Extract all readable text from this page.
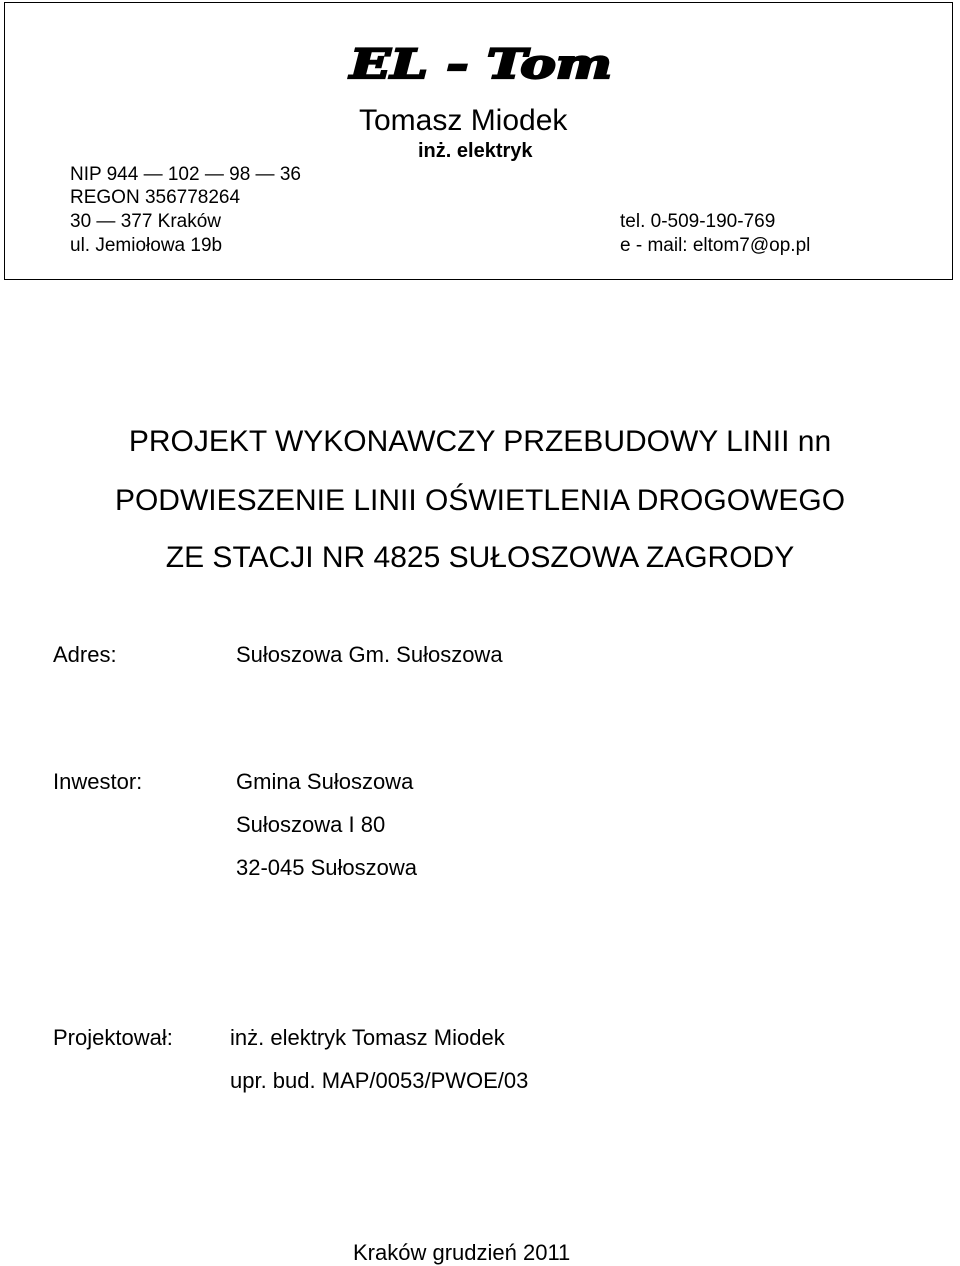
EL - Tom
Tomasz Miodek
inż. elektryk
NIP 944 — 102 — 98 — 36
REGON 356778264
30 — 377 Kraków
ul. Jemiołowa 19b
tel. 0-509-190-769
e - mail: eltom7@op.pl
PROJEKT WYKONAWCZY PRZEBUDOWY LINII nn
PODWIESZENIE LINII OŚWIETLENIA DROGOWEGO
ZE STACJI NR 4825 SUŁOSZOWA ZAGRODY
Adres:	Sułoszowa Gm. Sułoszowa
Inwestor:	Gmina Sułoszowa
Sułoszowa I 80
32-045 Sułoszowa
Projektował:	inż. elektryk Tomasz Miodek
upr. bud. MAP/0053/PWOE/03
Kraków grudzień 2011
